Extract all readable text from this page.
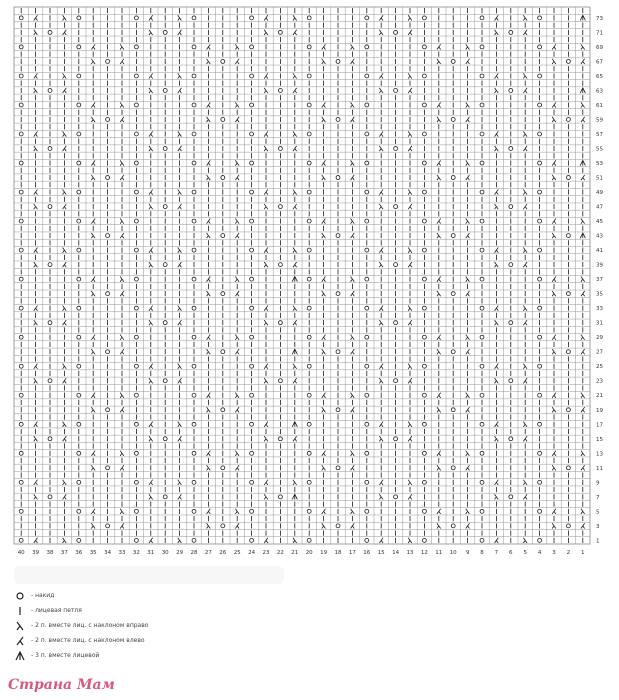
1
3
5
7
9
11
13
15
17
19
21
23
25
27
29
31
33
35
37
39
41
43
45
47
49
51
53
55
57
59
61
63
65
67
69
71
73
40 39 38 37 36 35 34 33 32 31 30 29 28 27 26 25 24 23 22 21 20 19 18 17 16 15 14 13 12 11 10 9 8 7 6 5 4 3 2 1
- накид
- лицевая петля
- 2 п. вместе лиц. с наклоном вправо
- 2 п. вместе лиц. с наклоном влево
- 3 п. вместе лицевой
Страна Мам
